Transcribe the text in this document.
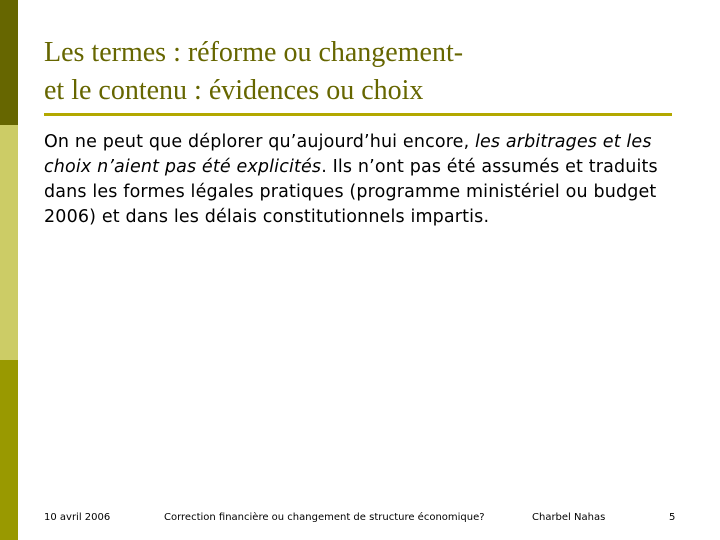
Les termes : réforme ou changement-
et le contenu : évidences ou choix
On ne peut que déplorer qu’aujourd’hui encore, les arbitrages et les choix n’aient pas été explicités. Ils n’ont pas été assumés et traduits dans les formes légales pratiques (programme ministériel ou budget 2006) et dans les délais constitutionnels impartis.
10 avril 2006	Correction financière ou changement de structure économique?	Charbel Nahas	5
